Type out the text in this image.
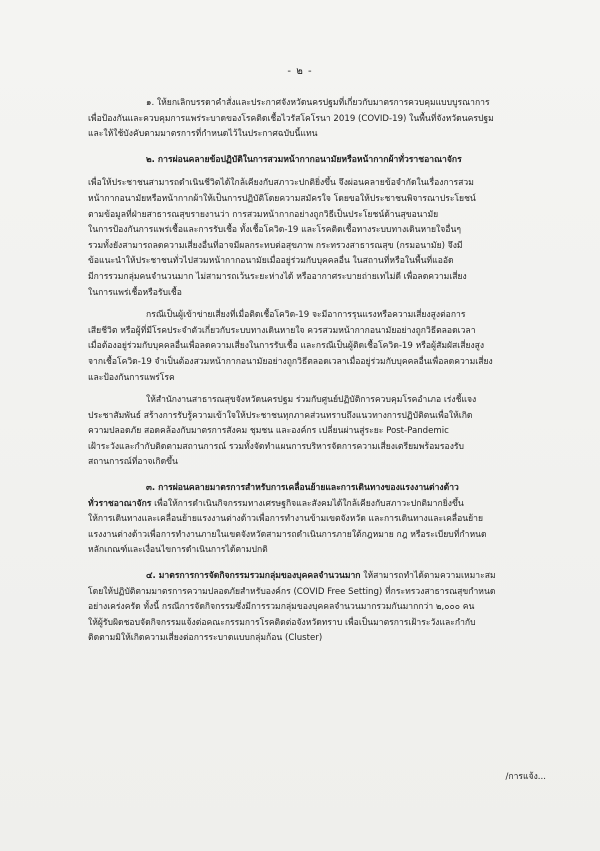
- ๒ -
๑. ให้ยกเลิกบรรดาคำสั่งและประกาศจังหวัดนครปฐมที่เกี่ยวกับมาตรการควบคุมแบบบูรณาการ
เพื่อป้องกันและควบคุมการแพร่ระบาดของโรคติดเชื้อไวรัสโคโรนา 2019 (COVID-19) ในพื้นที่จังหวัดนครปฐม
และให้ใช้บังคับตามมาตรการที่กำหนดไว้ในประกาศฉบับนี้แทน
๒. การผ่อนคลายข้อปฏิบัติในการสวมหน้ากากอนามัยหรือหน้ากากผ้าทั่วราชอาณาจักร
เพื่อให้ประชาชนสามารถดำเนินชีวิตได้ใกล้เคียงกับสภาวะปกติยิ่งขึ้น จึงผ่อนคลายข้อจำกัดในเรื่องการสวม
หน้ากากอนามัยหรือหน้ากากผ้าให้เป็นการปฏิบัติโดยความสมัครใจ โดยขอให้ประชาชนพิจารณาประโยชน์
ตามข้อมูลที่ฝ่ายสาธารณสุขรายงานว่า การสวมหน้ากากอย่างถูกวิธีเป็นประโยชน์ด้านสุขอนามัย
ในการป้องกันการแพร่เชื้อและการรับเชื้อ ทั้งเชื้อโควิด-19 และโรคติดเชื้อทางระบบทางเดินหายใจอื่นๆ
รวมทั้งยังสามารถลดความเสี่ยงอื่นที่อาจมีผลกระทบต่อสุขภาพ กระทรวงสาธารณสุข (กรมอนามัย) จึงมี
ข้อแนะนำให้ประชาชนทั่วไปสวมหน้ากากอนามัยเมื่ออยู่ร่วมกับบุคคลอื่น ในสถานที่หรือในพื้นที่แออัด
มีการรวมกลุ่มคนจำนวนมาก ไม่สามารถเว้นระยะห่างได้ หรืออากาศระบายถ่ายเทไม่ดี เพื่อลดความเสี่ยง
ในการแพร่เชื้อหรือรับเชื้อ
กรณีเป็นผู้เข้าข่ายเสี่ยงที่เมื่อติดเชื้อโควิด-19 จะมีอาการรุนแรงหรือความเสี่ยงสูงต่อการ
เสียชีวิต หรือผู้ที่มีโรคประจำตัวเกี่ยวกับระบบทางเดินหายใจ ควรสวมหน้ากากอนามัยอย่างถูกวิธีตลอดเวลา
เมื่อต้องอยู่ร่วมกับบุคคลอื่นเพื่อลดความเสี่ยงในการรับเชื้อ และกรณีเป็นผู้ติดเชื้อโควิด-19 หรือผู้สัมผัสเสี่ยงสูง
จากเชื้อโควิด-19 จำเป็นต้องสวมหน้ากากอนามัยอย่างถูกวิธีตลอดเวลาเมื่ออยู่ร่วมกับบุคคลอื่นเพื่อลดความเสี่ยง
และป้องกันการแพร่โรค
ให้สำนักงานสาธารณสุขจังหวัดนครปฐม ร่วมกับศูนย์ปฏิบัติการควบคุมโรคอำเภอ เร่งชี้แจง
ประชาสัมพันธ์ สร้างการรับรู้ความเข้าใจให้ประชาชนทุกภาคส่วนทราบถึงแนวทางการปฏิบัติตนเพื่อให้เกิด
ความปลอดภัย สอดคล้องกับมาตรการสังคม ชุมชน และองค์กร เปลี่ยนผ่านสู่ระยะ Post-Pandemic
เฝ้าระวังและกำกับติดตามสถานการณ์ รวมทั้งจัดทำแผนการบริหารจัดการความเสี่ยงเตรียมพร้อมรองรับ
สถานการณ์ที่อาจเกิดขึ้น
๓. การผ่อนคลายมาตรการสำหรับการเคลื่อนย้ายและการเดินทางของแรงงานต่างด้าว
ทั่วราชอาณาจักร เพื่อให้การดำเนินกิจกรรมทางเศรษฐกิจและสังคมได้ใกล้เคียงกับสภาวะปกติมากยิ่งขึ้น
ให้การเดินทางและเคลื่อนย้ายแรงงานต่างด้าวเพื่อการทำงานข้ามเขตจังหวัด และการเดินทางและเคลื่อนย้าย
แรงงานต่างด้าวเพื่อการทำงานภายในเขตจังหวัดสามารถดำเนินการภายใต้กฎหมาย กฎ หรือระเบียบที่กำหนด
หลักเกณฑ์และเงื่อนไขการดำเนินการได้ตามปกติ
๔. มาตรการการจัดกิจกรรมรวมกลุ่มของบุคคลจำนวนมาก ให้สามารถทำได้ตามความเหมาะสม
โดยให้ปฏิบัติตามมาตรการความปลอดภัยสำหรับองค์กร (COVID Free Setting) ที่กระทรวงสาธารณสุขกำหนด
อย่างเคร่งครัด ทั้งนี้ กรณีการจัดกิจกรรมซึ่งมีการรวมกลุ่มของบุคคลจำนวนมากรวมกันมากกว่า ๒,๐๐๐ คน
ให้ผู้รับผิดชอบจัดกิจกรรมแจ้งต่อคณะกรรมการโรคติดต่อจังหวัดทราบ เพื่อเป็นมาตรการเฝ้าระวังและกำกับ
ติดตามมิให้เกิดความเสี่ยงต่อการระบาดแบบกลุ่มก้อน (Cluster)
/การแจ้ง...
